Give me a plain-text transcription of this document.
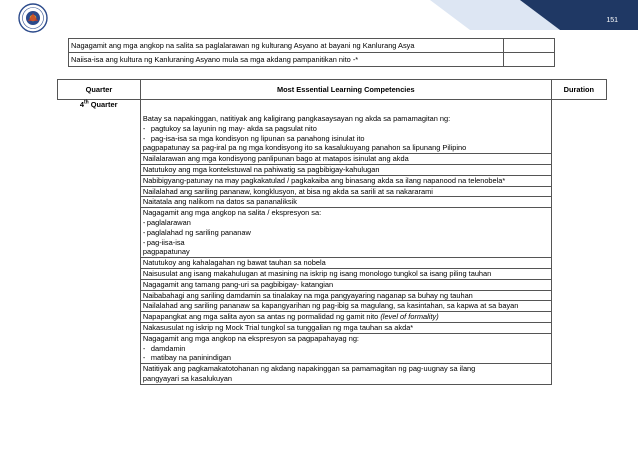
151
Nagagamit ang mga angkop na salita sa paglalarawan ng kulturang Asyano at bayani ng Kanlurang Asya	
Naiisa-isa ang kultura ng Kanluraning Asyano mula sa mga akdang pampanitikan nito -*	
Quarter	Most Essential Learning Competencies	Duration
4th Quarter	Batay sa napakinggan, natitiyak ang kaligirang pangkasaysayan ng akda sa pamamagitan ng:
- pagtukoy sa layunin ng may- akda sa pagsulat nito
- pag-isa-isa sa mga kondisyon ng lipunan sa panahong isinulat ito
pagpapatunay sa pag-iral pa ng mga kondisyong ito sa kasalukuyang panahon sa lipunang Pilipino	

	Nailalarawan ang mga kondisyong panlipunan bago at matapos isinulat ang akda	
	Natutukoy ang mga kontekstuwal na pahiwatig sa pagbibigay-kahulugan	
	Nabibigyang-patunay na may pagkakatulad / pagkakaiba ang binasang akda sa ilang napanood na telenobela*	
	Nailalahad ang sariling pananaw, kongklusyon, at bisa ng akda sa sarili at sa nakararami	
	Naitatala ang nalikom na datos sa pananaliksik	

	Nagagamit ang mga angkop na salita / ekspresyon sa:
- paglalarawan
- paglalahad ng sariling pananaw
- pag-iisa-isa
pagpapatunay	

	Natutukoy ang kahalagahan ng bawat tauhan sa nobela	
	Naisusulat ang isang makahulugan at masining na iskrip ng isang monologo tungkol sa isang piling tauhan	
	Nagagamit ang tamang pang-uri sa pagbibigay- katangian	
	Naibabahagi ang sariling damdamin sa tinalakay na mga pangyayaring naganap sa buhay ng tauhan	
	Nailalahad ang sariling pananaw sa kapangyarihan ng pag-ibig sa magulang, sa kasintahan, sa kapwa at sa bayan	
	Napapangkat ang mga salita ayon sa antas ng pormalidad ng gamit nito (level of formality)	
	Nakasusulat ng iskrip ng Mock Trial tungkol sa tunggalian ng mga tauhan sa akda*	

	Nagagamit ang mga angkop na ekspresyon sa pagpapahayag ng:
- damdamin
- matibay na paninindigan	

	Natitiyak ang pagkamakatotohanan ng akdang napakinggan sa pamamagitan ng pag-uugnay sa ilang
pangyayari sa kasalukuyan	
